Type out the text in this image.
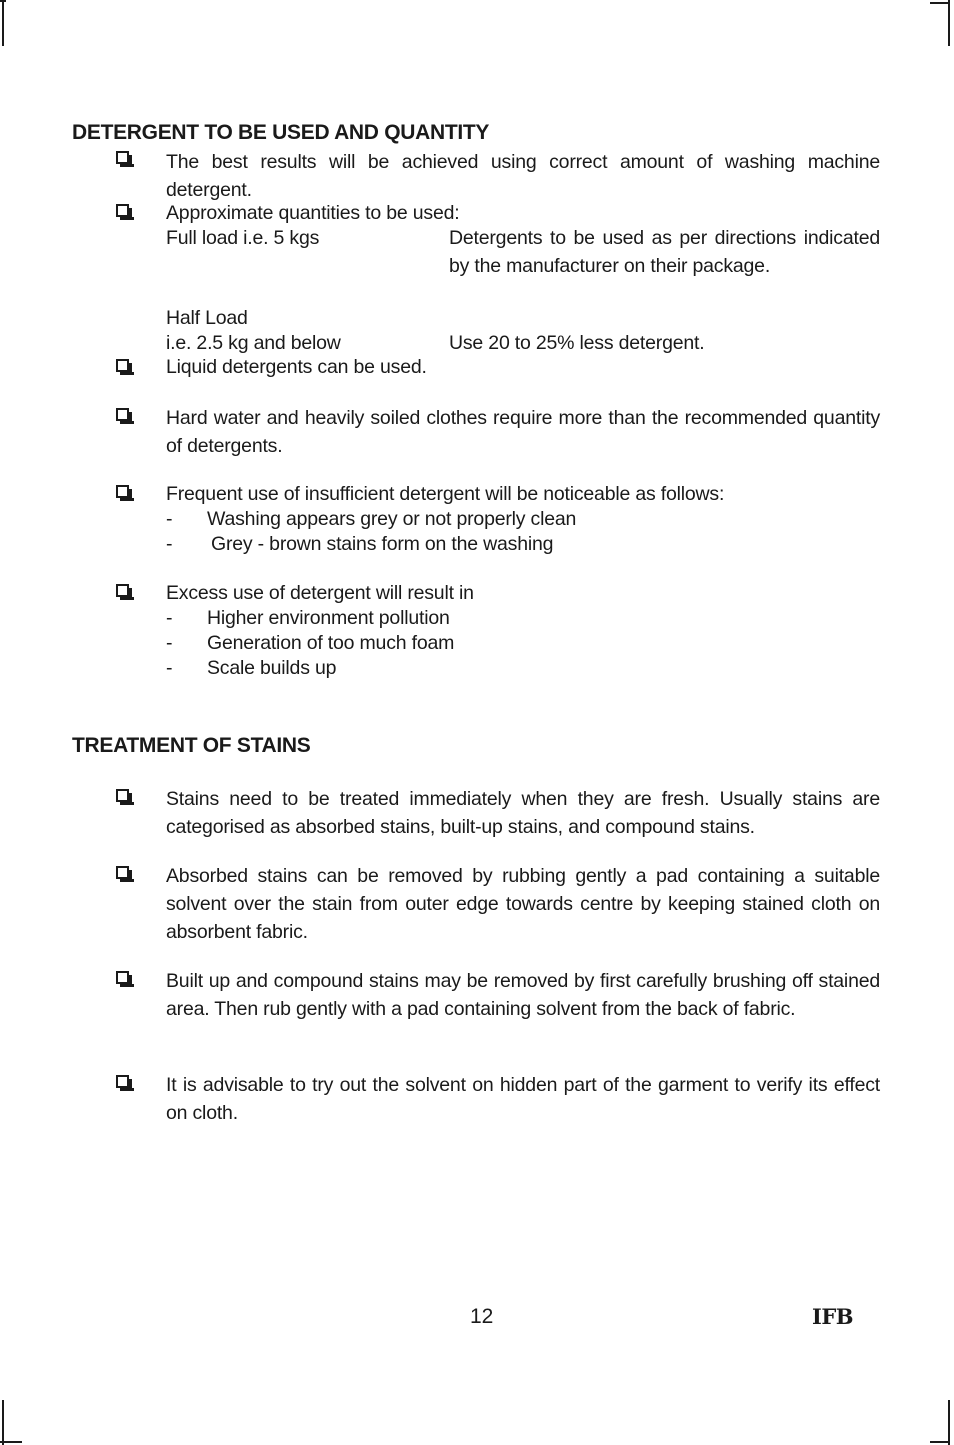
DETERGENT TO BE USED AND QUANTITY
The best results will be achieved using correct amount of washing machine detergent.
Approximate quantities to be used:
Full load i.e. 5 kgs	Detergents to be used as per directions indicated by the manufacturer on their package.
Half Load
i.e. 2.5 kg and below	Use 20 to 25% less detergent.
Liquid detergents can be used.
Hard water and heavily soiled clothes require more than the recommended quantity of detergents.
Frequent use of insufficient detergent will be noticeable as follows:
- Washing appears grey or not properly clean
- Grey - brown stains form on the washing
Excess use of detergent will result in
- Higher environment pollution
- Generation of too much foam
- Scale builds up
TREATMENT OF STAINS
Stains need to be treated immediately when they are fresh. Usually stains are categorised as absorbed stains, built-up stains, and compound stains.
Absorbed stains can be removed by rubbing gently a pad containing a suitable solvent over the stain from outer edge towards centre by keeping stained cloth on absorbent fabric.
Built up and compound stains may be removed by first carefully brushing off stained area. Then rub gently with a pad containing solvent from the back of fabric.
It is advisable to try out the solvent on hidden part of the garment to verify its effect on cloth.
12	IFB
